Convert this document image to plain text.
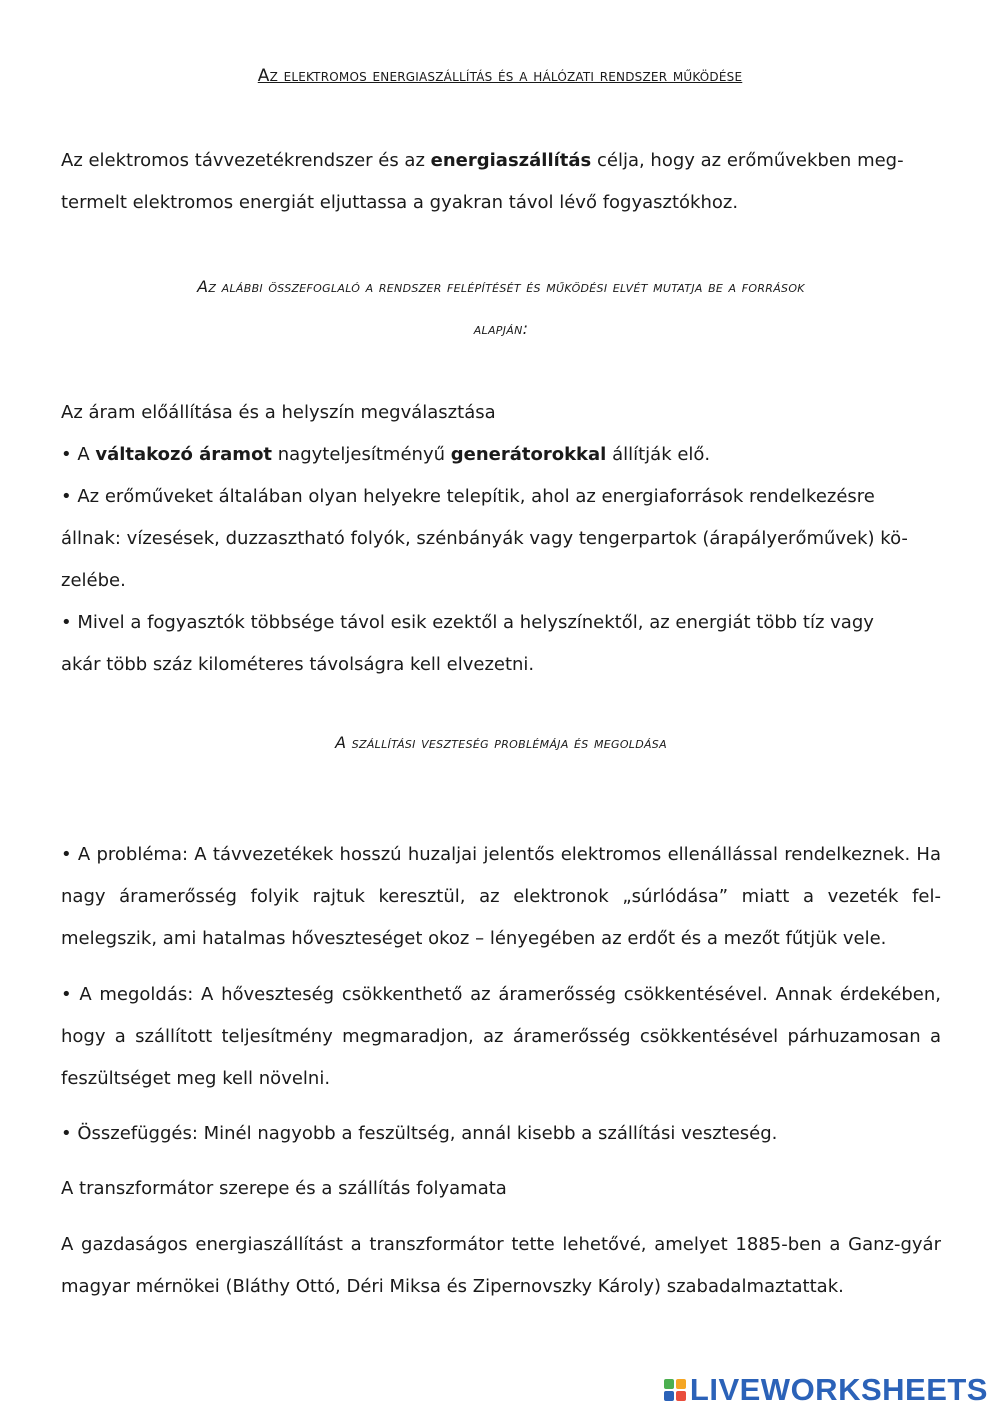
Az elektromos energiaszállítás és a hálózati rendszer működése

Az elektromos távvezetékrendszer és az energiaszállítás célja, hogy az erőművekben meg-
termelt elektromos energiát eljuttassa a gyakran távol lévő fogyasztókhoz.

Az alábbi összefoglaló a rendszer felépítését és működési elvét mutatja be a források
alapján:

Az áram előállítása és a helyszín megválasztása
• A váltakozó áramot nagyteljesítményű generátorokkal állítják elő.
• Az erőműveket általában olyan helyekre telepítik, ahol az energiaforrások rendelkezésre
állnak: vízesések, duzzasztható folyók, szénbányák vagy tengerpartok (árapályerőművek) kö-
zelébe.
• Mivel a fogyasztók többsége távol esik ezektől a helyszínektől, az energiát több tíz vagy
akár több száz kilométeres távolságra kell elvezetni.

A szállítási veszteség problémája és megoldása

• A probléma: A távvezetékek hosszú huzaljai jelentős elektromos ellenállással rendelkeznek. Ha nagy áramerősség folyik rajtuk keresztül, az elektronok „súrlódása” miatt a vezeték fel-melegszik, ami hatalmas hőveszteséget okoz – lényegében az erdőt és a mezőt fűtjük vele.

• A megoldás: A hőveszteség csökkenthető az áramerősség csökkentésével. Annak érdekében, hogy a szállított teljesítmény megmaradjon, az áramerősség csökkentésével párhuzamosan a feszültséget meg kell növelni.

• Összefüggés: Minél nagyobb a feszültség, annál kisebb a szállítási veszteség.

A transzformátor szerepe és a szállítás folyamata

A gazdaságos energiaszállítást a transzformátor tette lehetővé, amelyet 1885-ben a Ganz-gyár magyar mérnökei (Bláthy Ottó, Déri Miksa és Zipernovszky Károly) szabadalmaztattak.

LIVEWORKSHEETS
